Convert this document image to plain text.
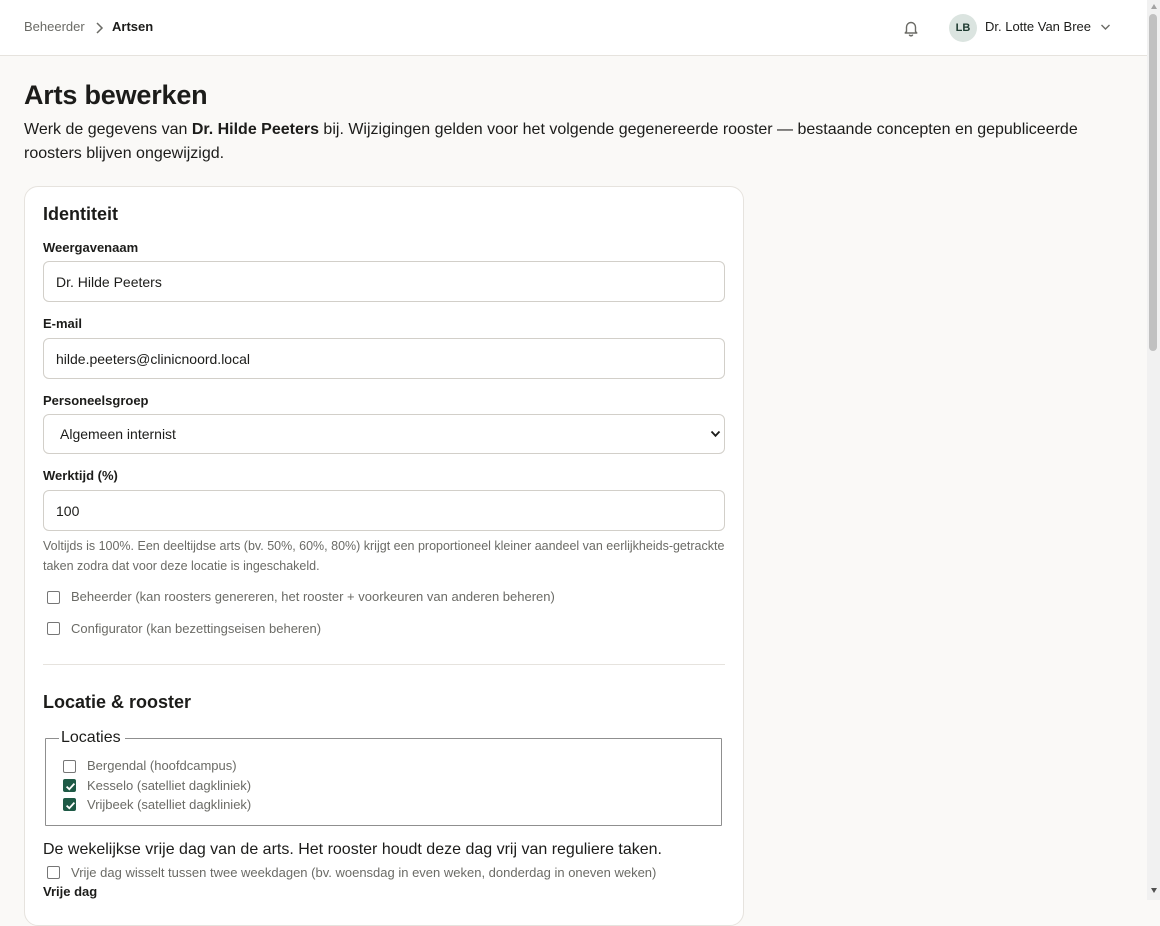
Beheerder Artsen	LB	Dr. Lotte Van Bree
Arts bewerken

Werk de gegevens van Dr. Hilde Peeters bij. Wijzigingen gelden voor het volgende gegenereerde rooster — bestaande concepten en gepubliceerde roosters blijven ongewijzigd.

Identiteit
Weergavenaam
Dr. Hilde Peeters
E-mail
hilde.peeters@clinicnoord.local
Personeelsgroep
Algemeen internist
Werktijd (%)
100

Voltijds is 100%. Een deeltijdse arts (bv. 50%, 60%, 80%) krijgt een proportioneel kleiner aandeel van eerlijkheids-getrackte taken zodra dat voor deze locatie is ingeschakeld.

Beheerder (kan roosters genereren, het rooster + voorkeuren van anderen beheren)
Configurator (kan bezettingseisen beheren)
Locatie & rooster
Locaties
Bergendal (hoofdcampus)
Kesselo (satelliet dagkliniek)
Vrijbeek (satelliet dagkliniek)
De wekelijkse vrije dag van de arts. Het rooster houdt deze dag vrij van reguliere taken.
Vrije dag wisselt tussen twee weekdagen (bv. woensdag in even weken, donderdag in oneven weken)
Vrije dag
